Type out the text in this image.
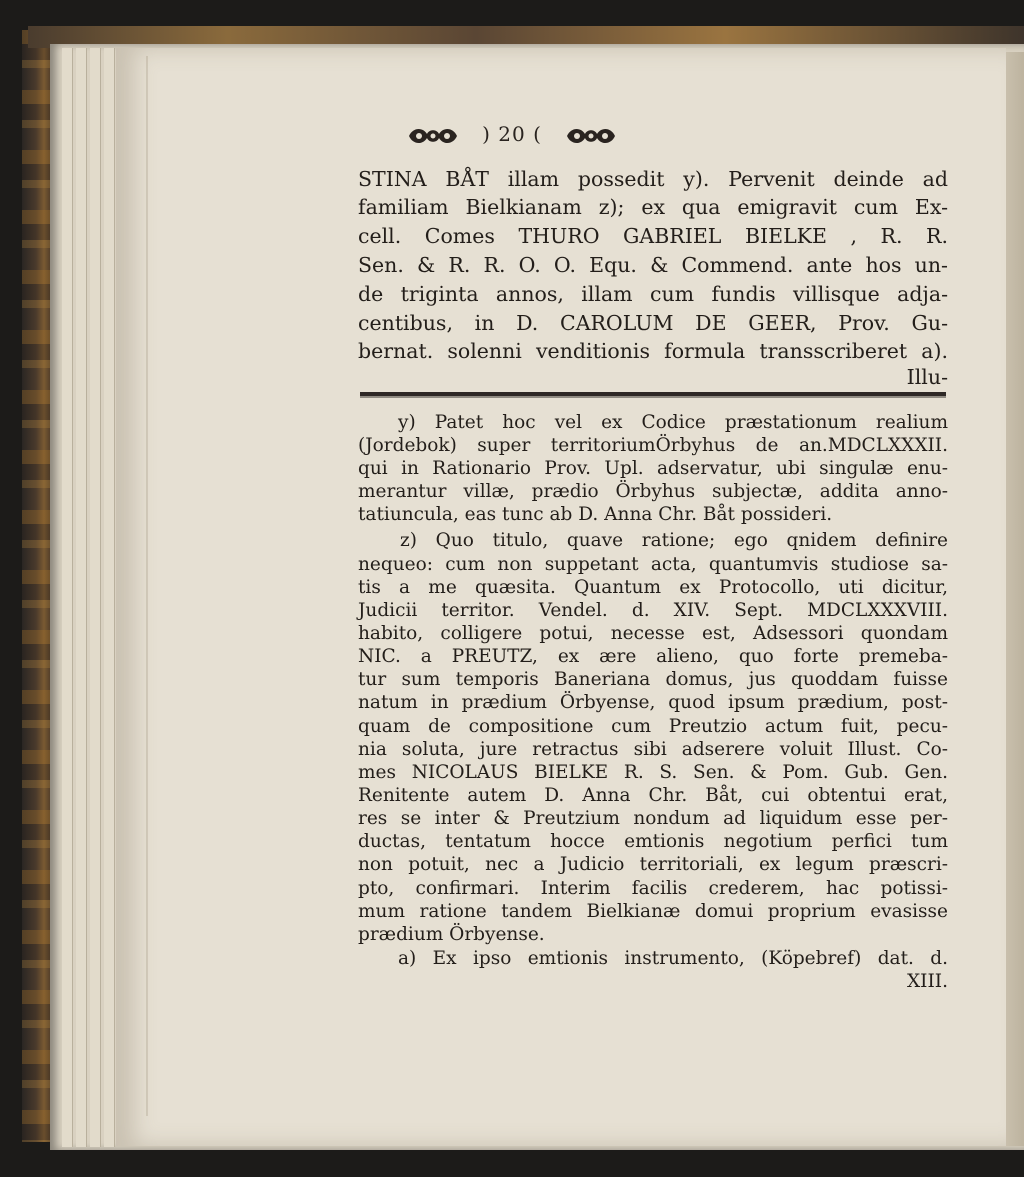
) 20 (
STINA BÅT illam possedit y). Pervenit deinde ad
familiam Bielkianam z); ex qua emigravit cum Ex-
cell. Comes THURO GABRIEL BIELKE , R. R.
Sen. & R. R. O. O. Equ. & Commend. ante hos un-
de triginta annos, illam cum fundis villisque adja-
centibus, in D. CAROLUM DE GEER, Prov. Gu-
bernat. solenni venditionis formula transscriberet a).
Illu-
y) Patet hoc vel ex Codice præstationum realium
(Jordebok) super territoriumÖrbyhus de an.MDCLXXXII.
qui in Rationario Prov. Upl. adservatur, ubi singulæ enu-
merantur villæ, prædio Örbyhus subjectæ, addita anno-
tatiuncula, eas tunc ab D. Anna Chr. Båt possideri.
z) Quo titulo, quave ratione; ego qnidem definire
nequeo: cum non suppetant acta, quantumvis studiose sa-
tis a me quæsita. Quantum ex Protocollo, uti dicitur,
Judicii territor. Vendel. d. XIV. Sept. MDCLXXXVIII.
habito, colligere potui, necesse est, Adsessori quondam
NIC. a PREUTZ, ex ære alieno, quo forte premeba-
tur sum temporis Baneriana domus, jus quoddam fuisse
natum in prædium Örbyense, quod ipsum prædium, post-
quam de compositione cum Preutzio actum fuit, pecu-
nia soluta, jure retractus sibi adserere voluit Illust. Co-
mes NICOLAUS BIELKE R. S. Sen. & Pom. Gub. Gen.
Renitente autem D. Anna Chr. Båt, cui obtentui erat,
res se inter & Preutzium nondum ad liquidum esse per-
ductas, tentatum hocce emtionis negotium perfici tum
non potuit, nec a Judicio territoriali, ex legum præscri-
pto, confirmari. Interim facilis crederem, hac potissi-
mum ratione tandem Bielkianæ domui proprium evasisse
prædium Örbyense.
a) Ex ipso emtionis instrumento, (Köpebref) dat. d.
XIII.
